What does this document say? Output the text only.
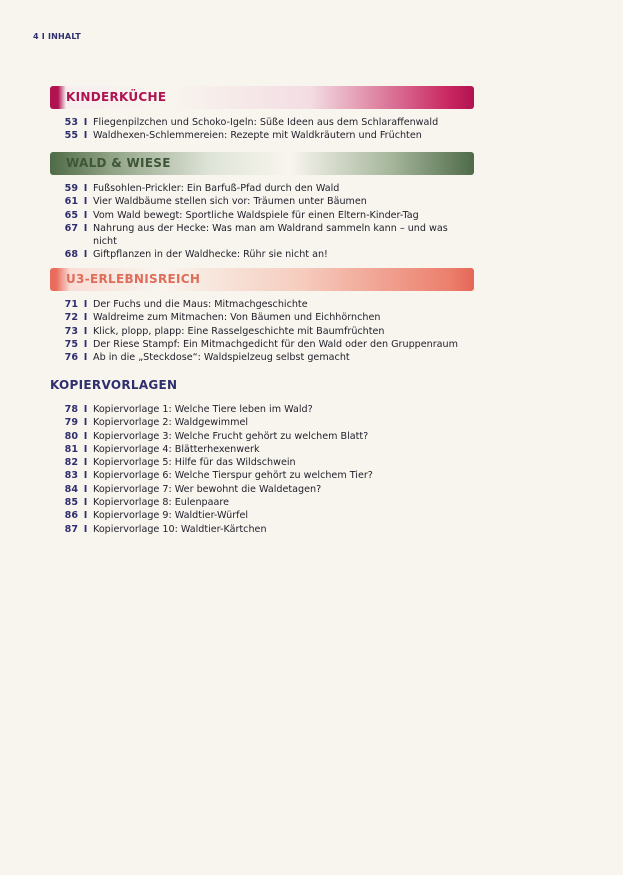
4 I INHALT
KINDERKÜCHE
53 I Fliegenpilzchen und Schoko-Igeln: Süße Ideen aus dem Schlaraffenwald
55 I Waldhexen-Schlemmereien: Rezepte mit Waldkräutern und Früchten
WALD & WIESE
59 I Fußsohlen-Prickler: Ein Barfuß-Pfad durch den Wald
61 I Vier Waldbäume stellen sich vor: Träumen unter Bäumen
65 I Vom Wald bewegt: Sportliche Waldspiele für einen Eltern-Kinder-Tag
67 I Nahrung aus der Hecke: Was man am Waldrand sammeln kann – und was nicht
68 I Giftpflanzen in der Waldhecke: Rühr sie nicht an!
U3-ERLEBNISREICH
71 I Der Fuchs und die Maus: Mitmachgeschichte
72 I Waldreime zum Mitmachen: Von Bäumen und Eichhörnchen
73 I Klick, plopp, plapp: Eine Rasselgeschichte mit Baumfrüchten
75 I Der Riese Stampf: Ein Mitmachgedicht für den Wald oder den Gruppenraum
76 I Ab in die „Steckdose“: Waldspielzeug selbst gemacht
KOPIERVORLAGEN
78 I Kopiervorlage 1: Welche Tiere leben im Wald?
79 I Kopiervorlage 2: Waldgewimmel
80 I Kopiervorlage 3: Welche Frucht gehört zu welchem Blatt?
81 I Kopiervorlage 4: Blätterhexenwerk
82 I Kopiervorlage 5: Hilfe für das Wildschwein
83 I Kopiervorlage 6: Welche Tierspur gehört zu welchem Tier?
84 I Kopiervorlage 7: Wer bewohnt die Waldetagen?
85 I Kopiervorlage 8: Eulenpaare
86 I Kopiervorlage 9: Waldtier-Würfel
87 I Kopiervorlage 10: Waldtier-Kärtchen
